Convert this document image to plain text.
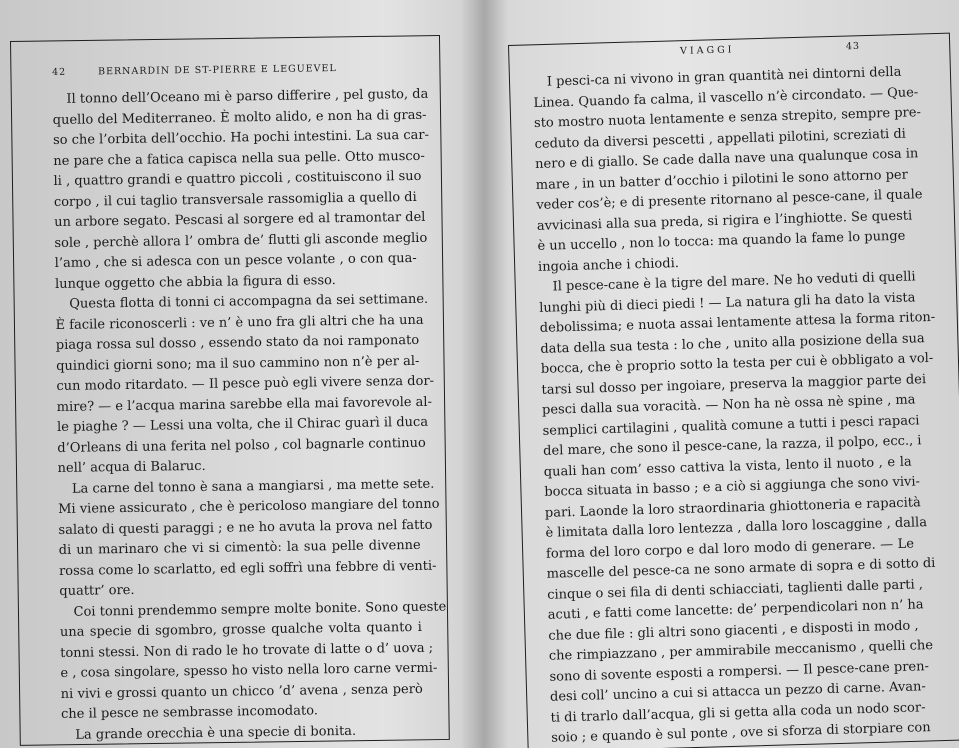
42	BERNARDIN DE ST-PIERRE E LEGUEVEL
Il tonno dell’Oceano mi è parso differire , pel gusto, da
quello del Mediterraneo. È molto alido, e non ha di gras-
so che l’orbita dell’occhio. Ha pochi intestini. La sua car-
ne pare che a fatica capisca nella sua pelle. Otto musco-
li , quattro grandi e quattro piccoli , costituiscono il suo
corpo , il cui taglio transversale rassomiglia a quello di
un arbore segato. Pescasi al sorgere ed al tramontar del
sole , perchè allora l’ ombra de’ flutti gli asconde meglio
l’amo , che si adesca con un pesce volante , o con qua-
lunque oggetto che abbia la figura di esso.
Questa flotta di tonni ci accompagna da sei settimane.
È facile riconoscerli : ve n’ è uno fra gli altri che ha una
piaga rossa sul dosso , essendo stato da noi ramponato
quindici giorni sono; ma il suo cammino non n’è per al-
cun modo ritardato. — Il pesce può egli vivere senza dor-
mire? — e l’acqua marina sarebbe ella mai favorevole al-
le piaghe ? — Lessi una volta, che il Chirac guarì il duca
d’Orleans di una ferita nel polso , col bagnarle continuo
nell’ acqua di Balaruc.
La carne del tonno è sana a mangiarsi , ma mette sete.
Mi viene assicurato , che è pericoloso mangiare del tonno
salato di questi paraggi ; e ne ho avuta la prova nel fatto
di un marinaro che vi si cimentò: la sua pelle divenne
rossa come lo scarlatto, ed egli soffrì una febbre di venti-
quattr’ ore.
Coi tonni prendemmo sempre molte bonite. Sono queste
una specie di sgombro, grosse qualche volta quanto i
tonni stessi. Non di rado le ho trovate di latte o d’ uova ;
e , cosa singolare, spesso ho visto nella loro carne vermi-
ni vivi e grossi quanto un chicco ’d’ avena , senza però
che il pesce ne sembrasse incomodato.
La grande orecchia è una specie di bonita.
VIAGGI	43
I pesci-ca ni vivono in gran quantità nei dintorni della
Linea. Quando fa calma, il vascello n’è circondato. — Que-
sto mostro nuota lentamente e senza strepito, sempre pre-
ceduto da diversi pescetti , appellati pilotini, screziati di
nero e di giallo. Se cade dalla nave una qualunque cosa in
mare , in un batter d’occhio i pilotini le sono attorno per
veder cos’è; e di presente ritornano al pesce-cane, il quale
avvicinasi alla sua preda, si rigira e l’inghiotte. Se questi
è un uccello , non lo tocca: ma quando la fame lo punge
ingoia anche i chiodi.
Il pesce-cane è la tigre del mare. Ne ho veduti di quelli
lunghi più di dieci piedi ! — La natura gli ha dato la vista
debolissima; e nuota assai lentamente attesa la forma riton-
data della sua testa : lo che , unito alla posizione della sua
bocca, che è proprio sotto la testa per cui è obbligato a vol-
tarsi sul dosso per ingoiare, preserva la maggior parte dei
pesci dalla sua voracità. — Non ha nè ossa nè spine , ma
semplici cartilagini , qualità comune a tutti i pesci rapaci
del mare, che sono il pesce-cane, la razza, il polpo, ecc., i
quali han com’ esso cattiva la vista, lento il nuoto , e la
bocca situata in basso ; e a ciò si aggiunga che sono vivi-
pari. Laonde la loro straordinaria ghiottoneria e rapacità
è limitata dalla loro lentezza , dalla loro loscaggine , dalla
forma del loro corpo e dal loro modo di generare. — Le
mascelle del pesce-ca ne sono armate di sopra e di sotto di
cinque o sei fila di denti schiacciati, taglienti dalle parti ,
acuti , e fatti come lancette: de’ perpendicolari non n’ ha
che due file : gli altri sono giacenti , e disposti in modo ,
che rimpiazzano , per ammirabile meccanismo , quelli che
sono di sovente esposti a rompersi. — Il pesce-cane pren-
desi coll’ uncino a cui si attacca un pezzo di carne. Avan-
ti di trarlo dall’acqua, gli si getta alla coda un nodo scor-
soio ; e quando è sul ponte , ove si sforza di storpiare con
